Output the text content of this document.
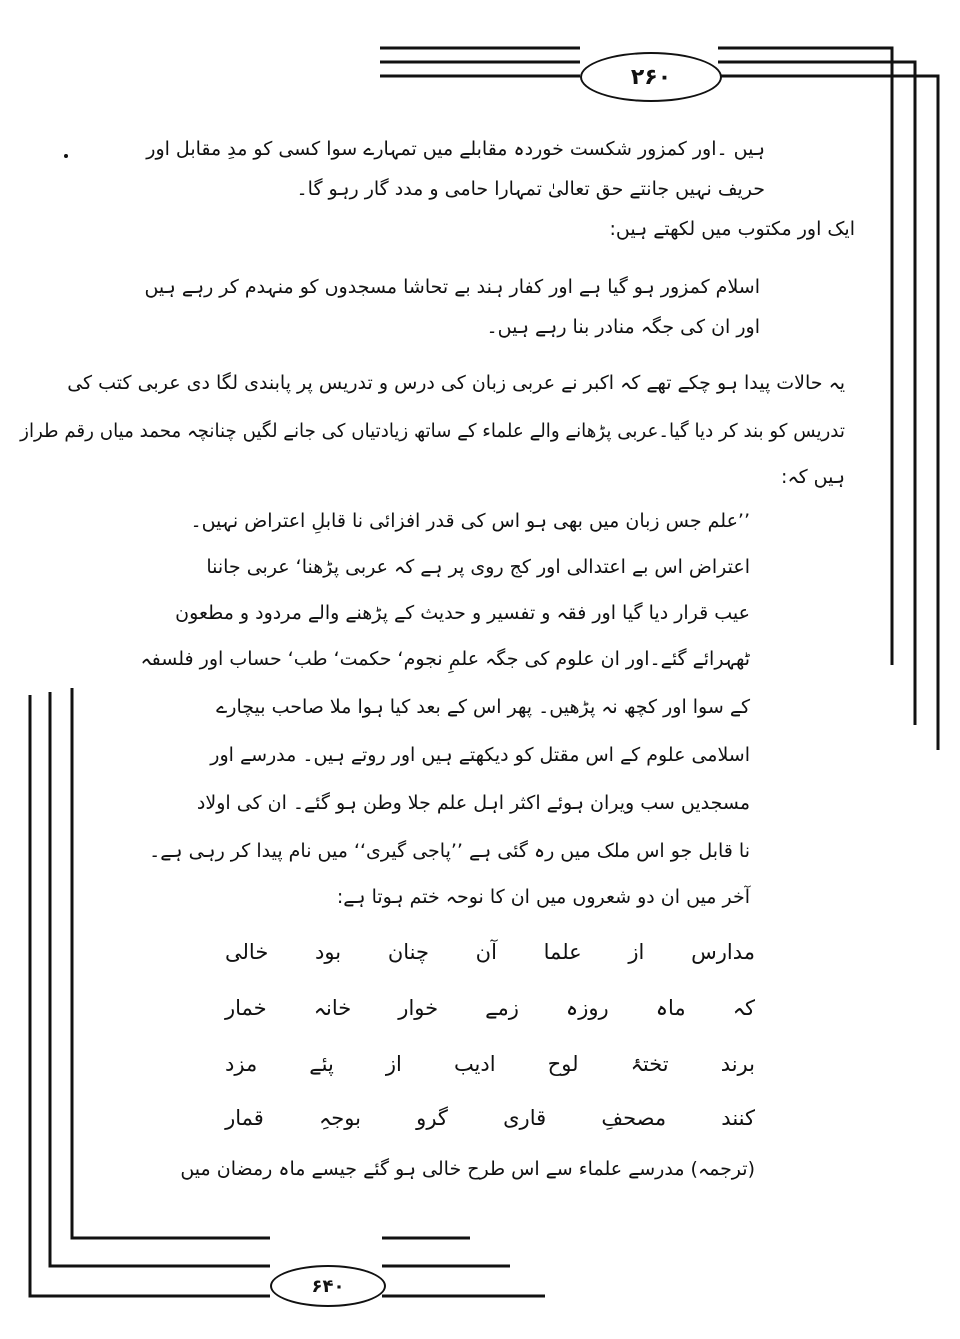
۲۶۰
۶۴۰
ہیں ۔اور کمزور شکست خوردہ مقابلے میں تمہارے سوا کسی کو مدِ مقابل اور
حریف نہیں جانتے حق تعالیٰ تمہارا حامی و مدد گار رہو گا۔
ایک اور مکتوب میں لکھتے ہیں:
اسلام کمزور ہو گیا ہے اور کفار ہند بے تحاشا مسجدوں کو منہدم کر رہے ہیں
اور ان کی جگہ منادر بنا رہے ہیں۔
یہ حالات پیدا ہو چکے تھے کہ اکبر نے عربی زبان کی درس و تدریس پر پابندی لگا دی عربی کتب کی
تدریس کو بند کر دیا گیا۔عربی پڑھانے والے علماء کے ساتھ زیادتیاں کی جانے لگیں چنانچہ محمد میاں رقم طراز
ہیں کہ:
’’علم جس زبان میں بھی ہو اس کی قدر افزائی نا قابلِ اعتراض نہیں۔
اعتراض اس بے اعتدالی اور کج روی پر ہے کہ عربی پڑھنا‘ عربی جاننا
عیب قرار دیا گیا اور فقہ و تفسیر و حدیث کے پڑھنے والے مردود و مطعون
ٹھہرائے گئے۔اور ان علوم کی جگہ علمِ نجوم‘ حکمت‘ طب‘ حساب اور فلسفہ
کے سوا اور کچھ نہ پڑھیں۔ پھر اس کے بعد کیا ہوا ملا صاحب بیچارے
اسلامی علوم کے اس مقتل کو دیکھتے ہیں اور روتے ہیں۔ مدرسے اور
مسجدیں سب ویران ہوئے اکثر اہل علم جلا وطن ہو گئے۔ ان کی اولاد
نا قابل جو اس ملک میں رہ گئی ہے ’’پاجی گیری‘‘ میں نام پیدا کر رہی ہے۔
آخر میں ان دو شعروں میں ان کا نوحہ ختم ہوتا ہے:
مدارس
از
علما
آن
چنان
بود
خالی
کہ
ماہ
روزہ
زمے
خوار
خانہ
خمار
برند
تختۂ
لوح
ادیب
از
پئے
مزد
کنند
مصحفِ
قاری
گرو
بوجہِ
قمار
(ترجمہ) مدرسے علماء سے اس طرح خالی ہو گئے جیسے ماہ رمضان میں
